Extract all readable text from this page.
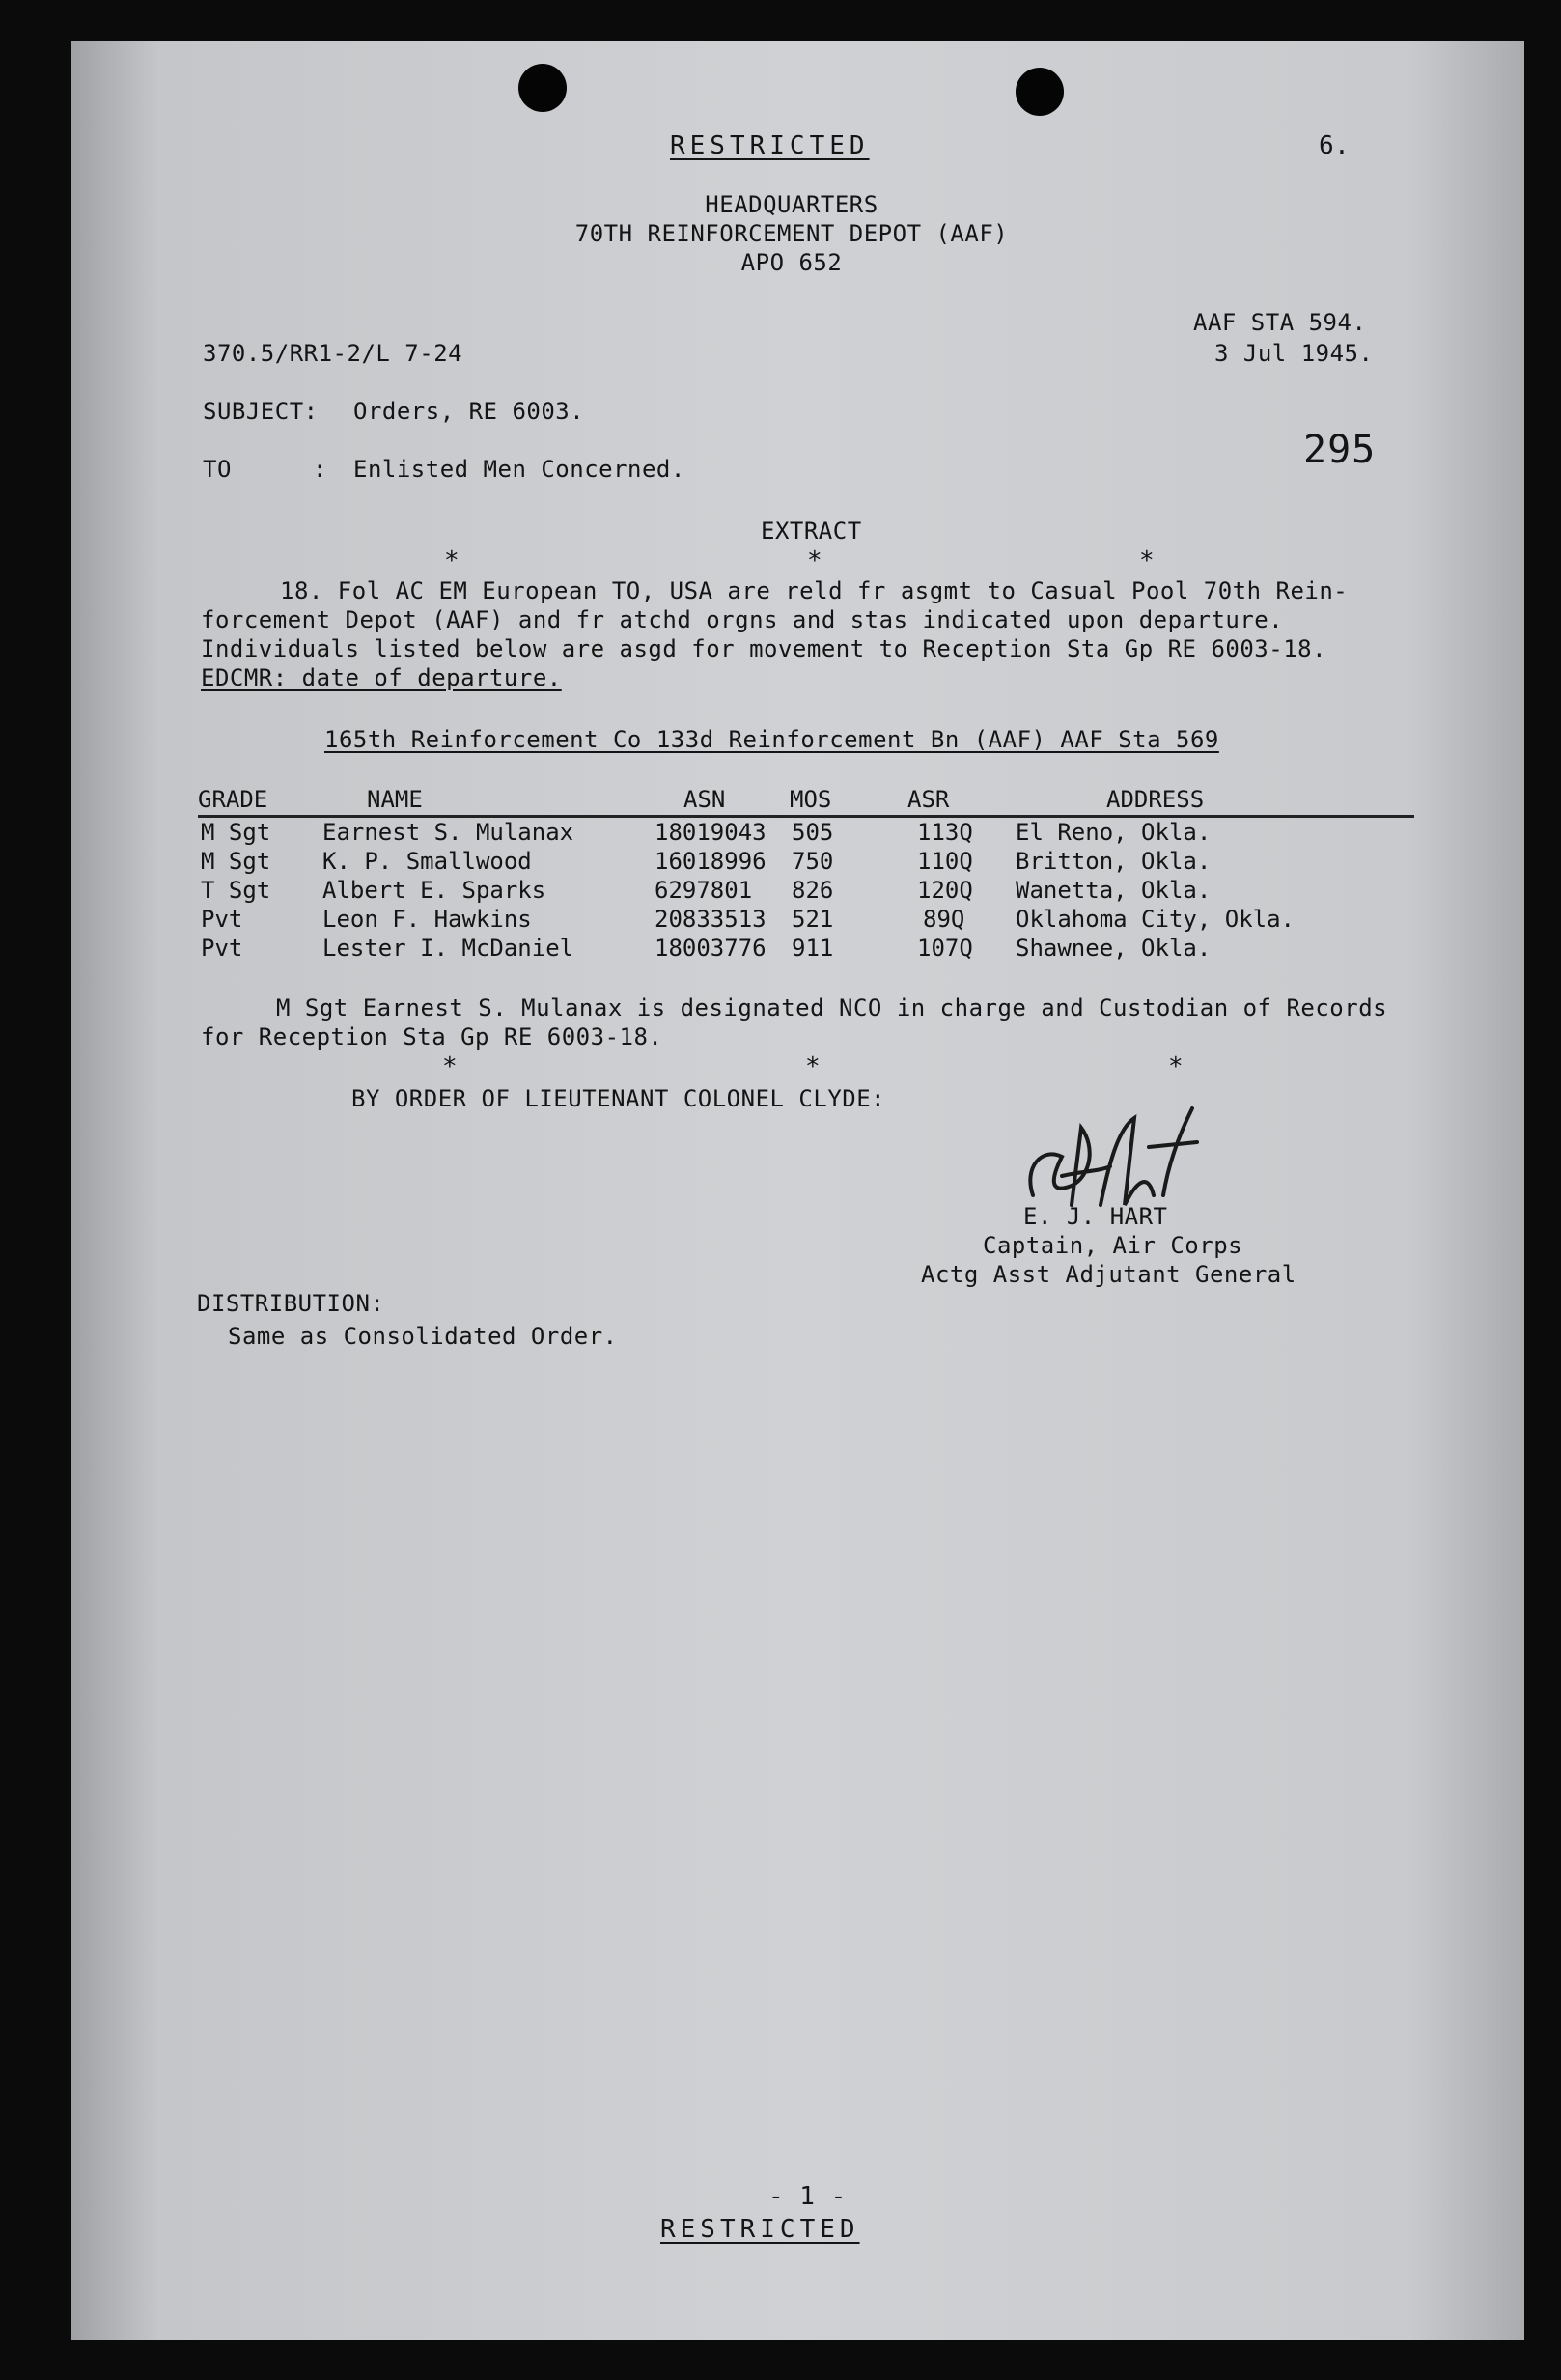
RESTRICTED	6.
HEADQUARTERS
70TH REINFORCEMENT DEPOT (AAF)
APO 652
AAF STA 594.
370.5/RR1-2/L 7-24	3 Jul 1945.
SUBJECT: Orders, RE 6003.
295
TO	: Enlisted Men Concerned.
EXTRACT
*	*	*
18. Fol AC EM European TO, USA are reld fr asgmt to Casual Pool 70th Rein-
forcement Depot (AAF) and fr atchd orgns and stas indicated upon departure.
Individuals listed below are asgd for movement to Reception Sta Gp RE 6003-18.
EDCMR: date of departure.
165th Reinforcement Co 133d Reinforcement Bn (AAF) AAF Sta 569
GRADE	NAME	ASN	MOS	ASR	ADDRESS
M Sgt Earnest S. Mulanax	18019043 505	113Q El Reno, Okla.
M Sgt K. P. Smallwood	16018996 750	110Q Britton, Okla.
T Sgt Albert E. Sparks	6297801 826	120Q Wanetta, Okla.
Pvt	Leon F. Hawkins	20833513 521	89Q Oklahoma City, Okla.
Pvt	Lester I. McDaniel	18003776 911	107Q Shawnee, Okla.
M Sgt Earnest S. Mulanax is designated NCO in charge and Custodian of Records
for Reception Sta Gp RE 6003-18.
*	*	*
BY ORDER OF LIEUTENANT COLONEL CLYDE:
E. J. HART
Captain, Air Corps
Actg Asst Adjutant General
DISTRIBUTION:
Same as Consolidated Order.
- 1 -
RESTRICTED
